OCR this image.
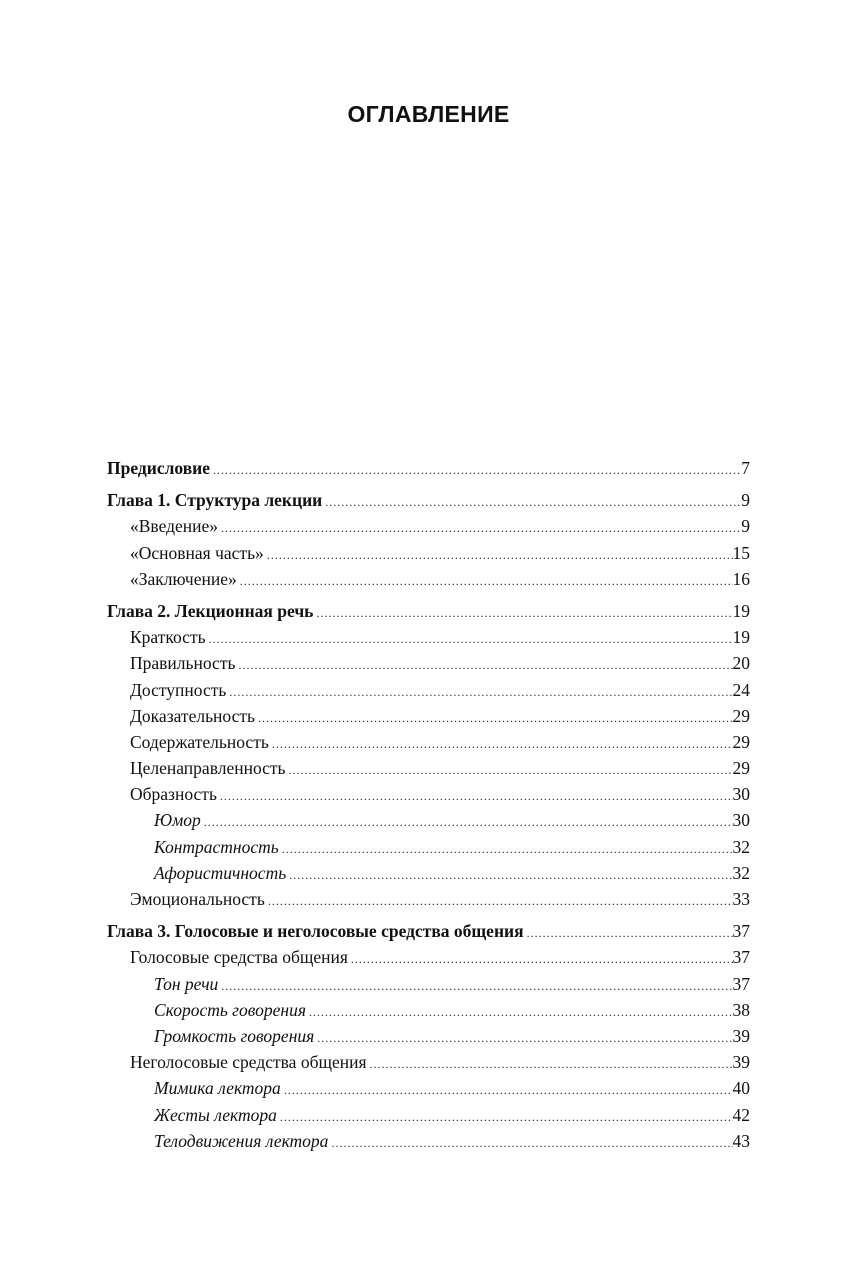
ОГЛАВЛЕНИЕ
Предисловие .....	7
Глава 1. Структура лекции .....	9
«Введение» .....	9
«Основная часть» .....	15
«Заключение» .....	16
Глава 2. Лекционная речь .....	19
Краткость .....	19
Правильность .....	20
Доступность .....	24
Доказательность .....	29
Содержательность .....	29
Целенаправленность .....	29
Образность .....	30
Юмор .....	30
Контрастность .....	32
Афористичность .....	32
Эмоциональность .....	33
Глава 3. Голосовые и неголосовые средства общения .....	37
Голосовые средства общения .....	37
Тон речи .....	37
Скорость говорения .....	38
Громкость говорения .....	39
Неголосовые средства общения .....	39
Мимика лектора .....	40
Жесты лектора .....	42
Телодвижения лектора .....	43
